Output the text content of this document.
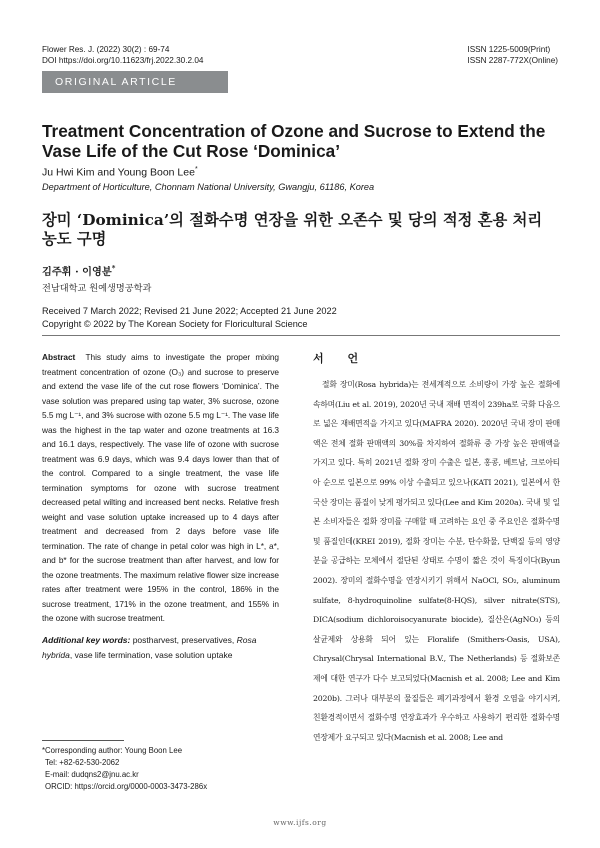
Flower Res. J. (2022) 30(2) : 69-74
DOI https://doi.org/10.11623/frj.2022.30.2.04
ISSN 1225-5009(Print)
ISSN 2287-772X(Online)
ORIGINAL ARTICLE
Treatment Concentration of Ozone and Sucrose to Extend the Vase Life of the Cut Rose ‘Dominica’
Ju Hwi Kim and Young Boon Lee*
Department of Horticulture, Chonnam National University, Gwangju, 61186, Korea
장미 ‘Dominica’의 절화수명 연장을 위한 오존수 및 당의 적정 혼용 처리 농도 구명
김주휘 · 이영분*
전남대학교 원예생명공학과
Received 7 March 2022; Revised 21 June 2022; Accepted 21 June 2022
Copyright © 2022 by The Korean Society for Floricultural Science
Abstract This study aims to investigate the proper mixing treatment concentration of ozone (O₃) and sucrose to preserve and extend the vase life of the cut rose flowers ‘Dominica’. The vase solution was prepared using tap water, 3% sucrose, ozone 5.5 mg L⁻¹, and 3% sucrose with ozone 5.5 mg L⁻¹. The vase life was the highest in the tap water and ozone treatments at 16.3 and 16.1 days, respectively. The vase life of ozone with sucrose treatment was 6.9 days, which was 9.4 days lower than that of the control. Compared to a single treatment, the vase life termination symptoms for ozone with sucrose treatment decreased petal wilting and increased bent necks. Relative fresh weight and vase solution uptake increased up to 4 days after treatment and decreased from 2 days before vase life termination. The rate of change in petal color was high in L*, a*, and b* for the sucrose treatment than after harvest, and low for the ozone treatments. The maximum relative flower size increase rates after treatment were 195% in the control, 186% in the sucrose treatment, 171% in the ozone treatment, and 155% in the ozone with sucrose treatment.
Additional key words: postharvest, preservatives, Rosa hybrida, vase life termination, vase solution uptake
*Corresponding author: Young Boon Lee
Tel: +82-62-530-2062
E-mail: dudqns2@jnu.ac.kr
ORCID: https://orcid.org/0000-0003-3473-286x
서 언
절화 장미(Rosa hybrida)는 전세계적으로 소비량이 가장 높은 절화에 속하며(Liu et al. 2019), 2020년 국내 재배 면적이 239ha로 국화 다음으로 넓은 재배면적을 가지고 있다(MAFRA 2020). 2020년 국내 장미 판매액은 전체 절화 판매액의 30%를 차지하여 절화류 중 가장 높은 판매액을 가지고 있다. 특히 2021년 절화 장미 수출은 일본, 홍콩, 베트남, 크로아티아 순으로 일본으로 99% 이상 수출되고 있으나(KATI 2021), 일본에서 한국산 장미는 품질이 낮게 평가되고 있다(Lee and Kim 2020a). 국내 및 일본 소비자들은 절화 장미를 구매할 때 고려하는 요인 중 주요인은 절화수명 및 품질인데(KREI 2019), 절화 장미는 수분, 탄수화물, 단백질 등의 영양분을 공급하는 모체에서 절단된 상태로 수명이 짧은 것이 특징이다(Byun 2002). 장미의 절화수명을 연장시키기 위해서 NaOCl, SO₂, aluminum sulfate, 8-hydroquinoline sulfate(8-HQS), silver nitrate(STS), DICA(sodium dichloroisocyanurate biocide), 질산은(AgNO₃) 등의 살균제와 상용화 되어 있는 Floralife (Smithers-Oasis, USA), Chrysal(Chrysal International B.V., The Netherlands) 등 절화보존제에 대한 연구가 다수 보고되었다(Macnish et al. 2008; Lee and Kim 2020b). 그러나 대부분의 물질들은 폐기과정에서 환경 오염을 야기시켜, 친환경적이면서 절화수명 연장효과가 우수하고 사용하기 편리한 절화수명 연장제가 요구되고 있다(Macnish et al. 2008; Lee and
www.ijfs.org
